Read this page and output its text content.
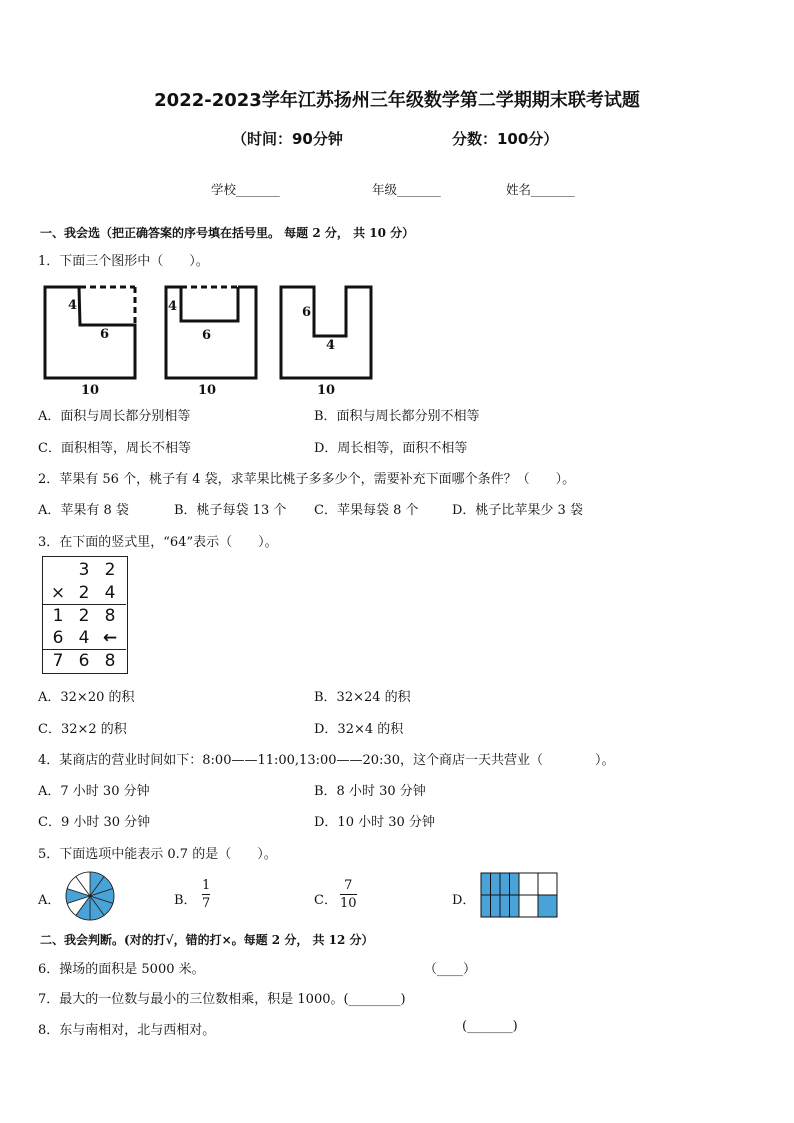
2022-2023学年江苏扬州三年级数学第二学期期末联考试题
（时间：90分钟	分数：100分）
学校_______	年级_______	姓名_______
一、我会选（把正确答案的序号填在括号里。 每题 2 分， 共 10 分）
1．下面三个图形中（　　）。
4
6
10
4
6
10
6
4
10
A．面积与周长都分别相等	B．面积与周长都分别不相等
C．面积相等，周长不相等	D．周长相等，面积不相等
2．苹果有 56 个，桃子有 4 袋，求苹果比桃子多多少个，需要补充下面哪个条件？（　　）。
A．苹果有 8 袋	B．桃子每袋 13 个 C．苹果每袋 8 个	D．桃子比苹果少 3 袋
3．在下面的竖式里，“64”表示（　　）。
3 2
× 2 4
1 2 8
6 4 ←
7 6 8
A．32×20 的积	B．32×24 的积
C．32×2 的积	D．32×4 的积
4．某商店的营业时间如下：8:00——11:00,13:00——20:30，这个商店一天共营业（　　　　）。
A．7 小时 30 分钟	B．8 小时 30 分钟
C．9 小时 30 分钟	D．10 小时 30 分钟
5．下面选项中能表示 0.7 的是（　　）。
A．	B． $\frac{1}{7}$	C． $\frac{7}{10}$	D．
二、我会判断。(对的打√，错的打×。每题 2 分， 共 12 分）
6．操场的面积是 5000 米。	（____）
7．最大的一位数与最小的三位数相乘，积是 1000。(________)
8．东与南相对，北与西相对。	(_______)
